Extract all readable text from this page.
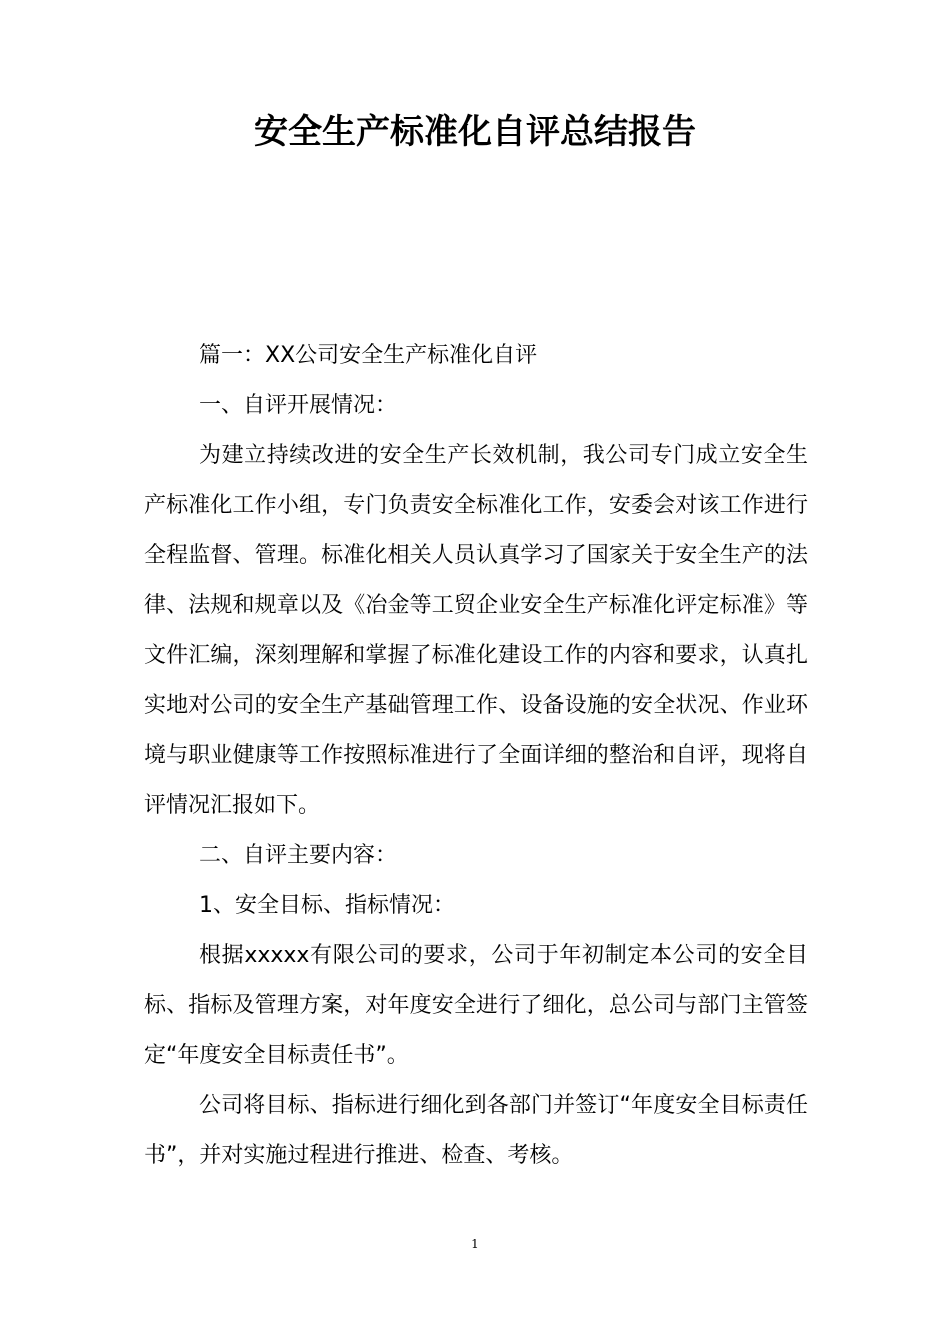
安全生产标准化自评总结报告

篇一：XX公司安全生产标准化自评

一、自评开展情况：

为建立持续改进的安全生产长效机制，我公司专门成立安全生产标准化工作小组，专门负责安全标准化工作，安委会对该工作进行全程监督、管理。标准化相关人员认真学习了国家关于安全生产的法律、法规和规章以及《冶金等工贸企业安全生产标准化评定标准》等文件汇编，深刻理解和掌握了标准化建设工作的内容和要求，认真扎实地对公司的安全生产基础管理工作、设备设施的安全状况、作业环境与职业健康等工作按照标准进行了全面详细的整治和自评，现将自评情况汇报如下。

二、自评主要内容：

1、安全目标、指标情况：

根据xxxxx有限公司的要求，公司于年初制定本公司的安全目标、指标及管理方案，对年度安全进行了细化，总公司与部门主管签定“年度安全目标责任书”。

公司将目标、指标进行细化到各部门并签订“年度安全目标责任书”，并对实施过程进行推进、检查、考核。

1
